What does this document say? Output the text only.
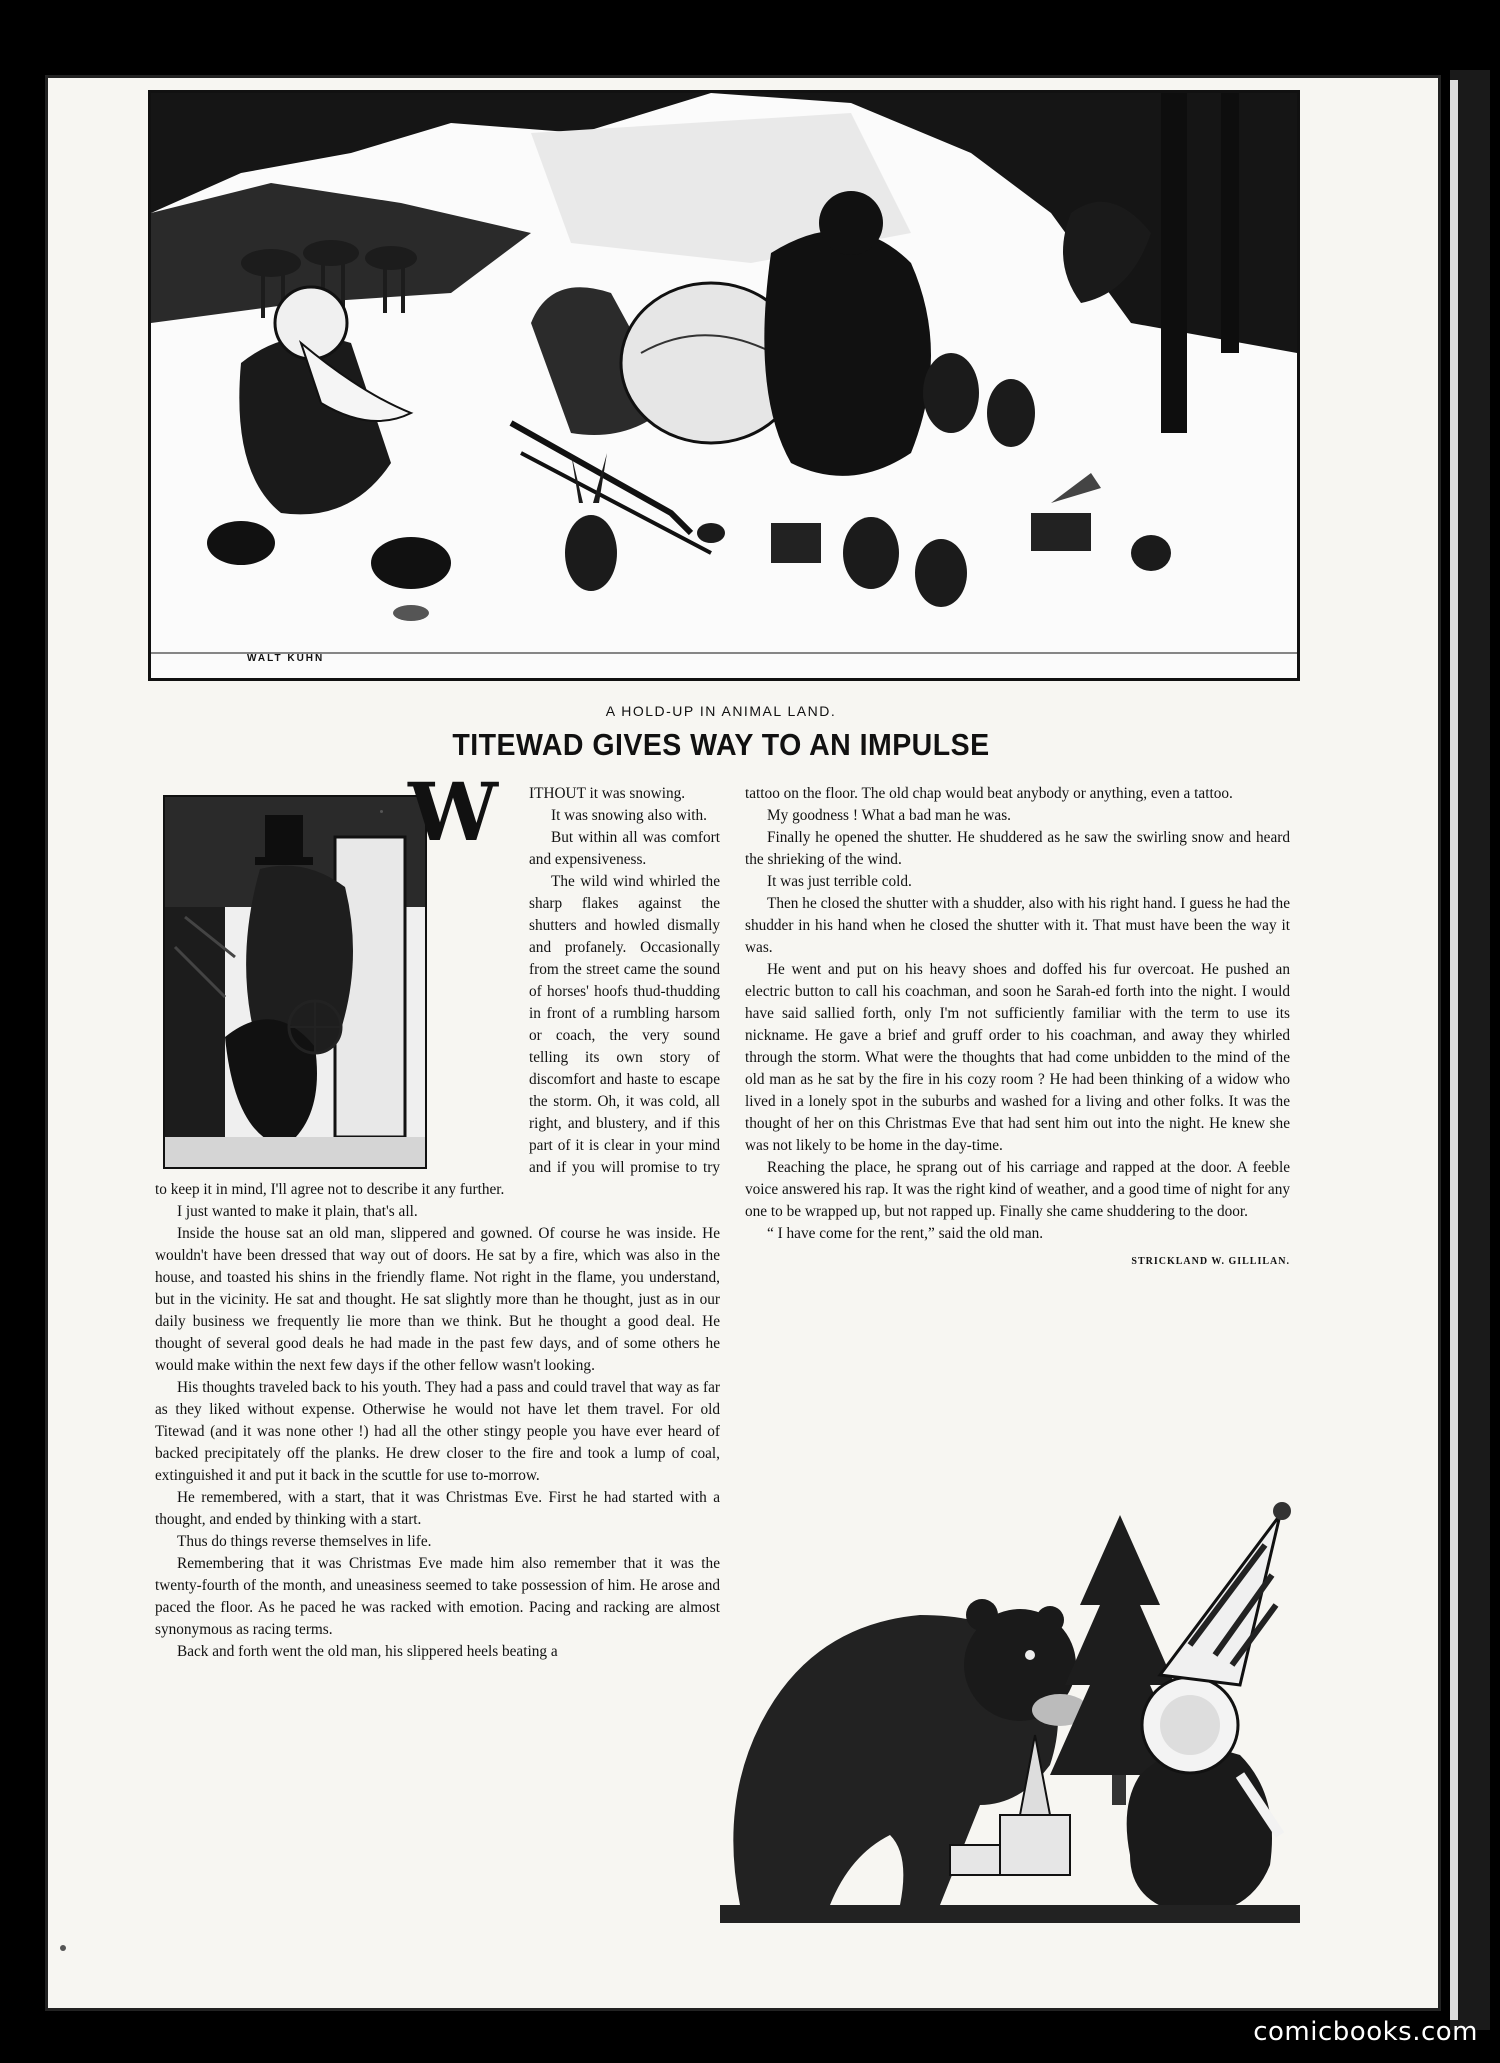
WALT KUHN
A HOLD-UP IN ANIMAL LAND.
TITEWAD GIVES WAY TO AN IMPULSE
W	ITHOUT it was snowing.

It was snowing also with.

But within all was comfort and expensiveness.

The wild wind whirled the sharp flakes against the shutters and howled dismally and profanely. Occasionally from the street came the sound of horses' hoofs thud-thudding in front of a rumbling harsom or coach, the very sound telling its own story of discomfort and haste to escape the storm. Oh, it was cold, all right, and blustery, and if this part of it is clear in your mind and if you will promise to try to keep it in mind, I'll agree not to describe it any further.

I just wanted to make it plain, that's all.

Inside the house sat an old man, slippered and gowned. Of course he was inside. He wouldn't have been dressed that way out of doors. He sat by a fire, which was also in the house, and toasted his shins in the friendly flame. Not right in the flame, you understand, but in the vicinity. He sat and thought. He sat slightly more than he thought, just as in our daily business we frequently lie more than we think. But he thought a good deal. He thought of several good deals he had made in the past few days, and of some others he would make within the next few days if the other fellow wasn't looking.

His thoughts traveled back to his youth. They had a pass and could travel that way as far as they liked without expense. Otherwise he would not have let them travel. For old Titewad (and it was none other !) had all the other stingy people you have ever heard of backed precipitately off the planks. He drew closer to the fire and took a lump of coal, extinguished it and put it back in the scuttle for use to-morrow.

He remembered, with a start, that it was Christmas Eve. First he had started with a thought, and ended by thinking with a start.

Thus do things reverse themselves in life.

Remembering that it was Christmas Eve made him also remember that it was the twenty-fourth of the month, and uneasiness seemed to take possession of him. He arose and paced the floor. As he paced he was racked with emotion. Pacing and racking are almost synonymous as racing terms.

Back and forth went the old man, his slippered heels beating a

tattoo on the floor. The old chap would beat anybody or anything, even a tattoo.

My goodness ! What a bad man he was.

Finally he opened the shutter. He shuddered as he saw the swirling snow and heard the shrieking of the wind.

It was just terrible cold.

Then he closed the shutter with a shudder, also with his right hand. I guess he had the shudder in his hand when he closed the shutter with it. That must have been the way it was.

He went and put on his heavy shoes and doffed his fur overcoat. He pushed an electric button to call his coachman, and soon he Sarah-ed forth into the night. I would have said sallied forth, only I'm not sufficiently familiar with the term to use its nickname. He gave a brief and gruff order to his coachman, and away they whirled through the storm. What were the thoughts that had come unbidden to the mind of the old man as he sat by the fire in his cozy room ? He had been thinking of a widow who lived in a lonely spot in the suburbs and washed for a living and other folks. It was the thought of her on this Christmas Eve that had sent him out into the night. He knew she was not likely to be home in the day-time.

Reaching the place, he sprang out of his carriage and rapped at the door. A feeble voice answered his rap. It was the right kind of weather, and a good time of night for any one to be wrapped up, but not rapped up. Finally she came shuddering to the door.

“ I have come for the rent,” said the old man.

STRICKLAND W. GILLILAN.
comicbooks.com
